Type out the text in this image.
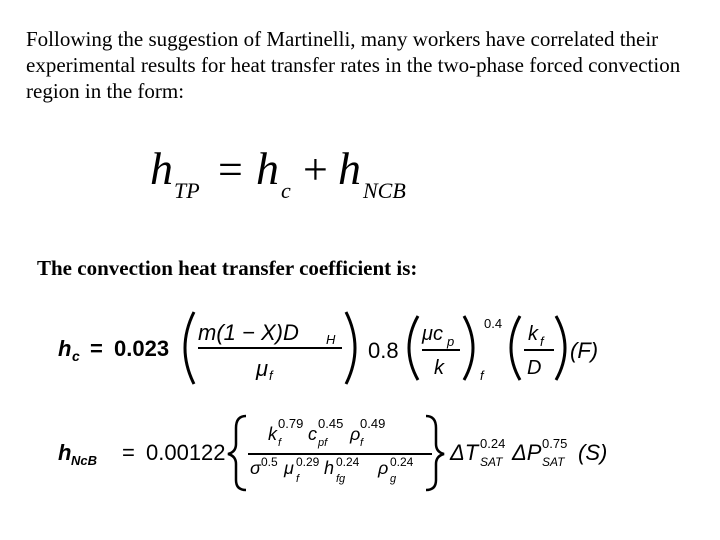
Following the suggestion of Martinelli, many workers have correlated their experimental results for heat transfer rates in the two-phase forced convection region in the form:

h TP = h c + h NCB

The convection heat transfer coefficient is:

h c = 0.023
m(1 − X)D H
μ f
0.8
μc p
k
0.4
f
k f
D
(F)
h NcB = 0.00122
k
0.79
f c
0.45
pf ρ
0.49
f
σ 0.5 μ 0.29
f
h 0.24
fg
ρ 0.24
g
ΔT 0.24
SAT ΔP 0.75
SAT (S)
